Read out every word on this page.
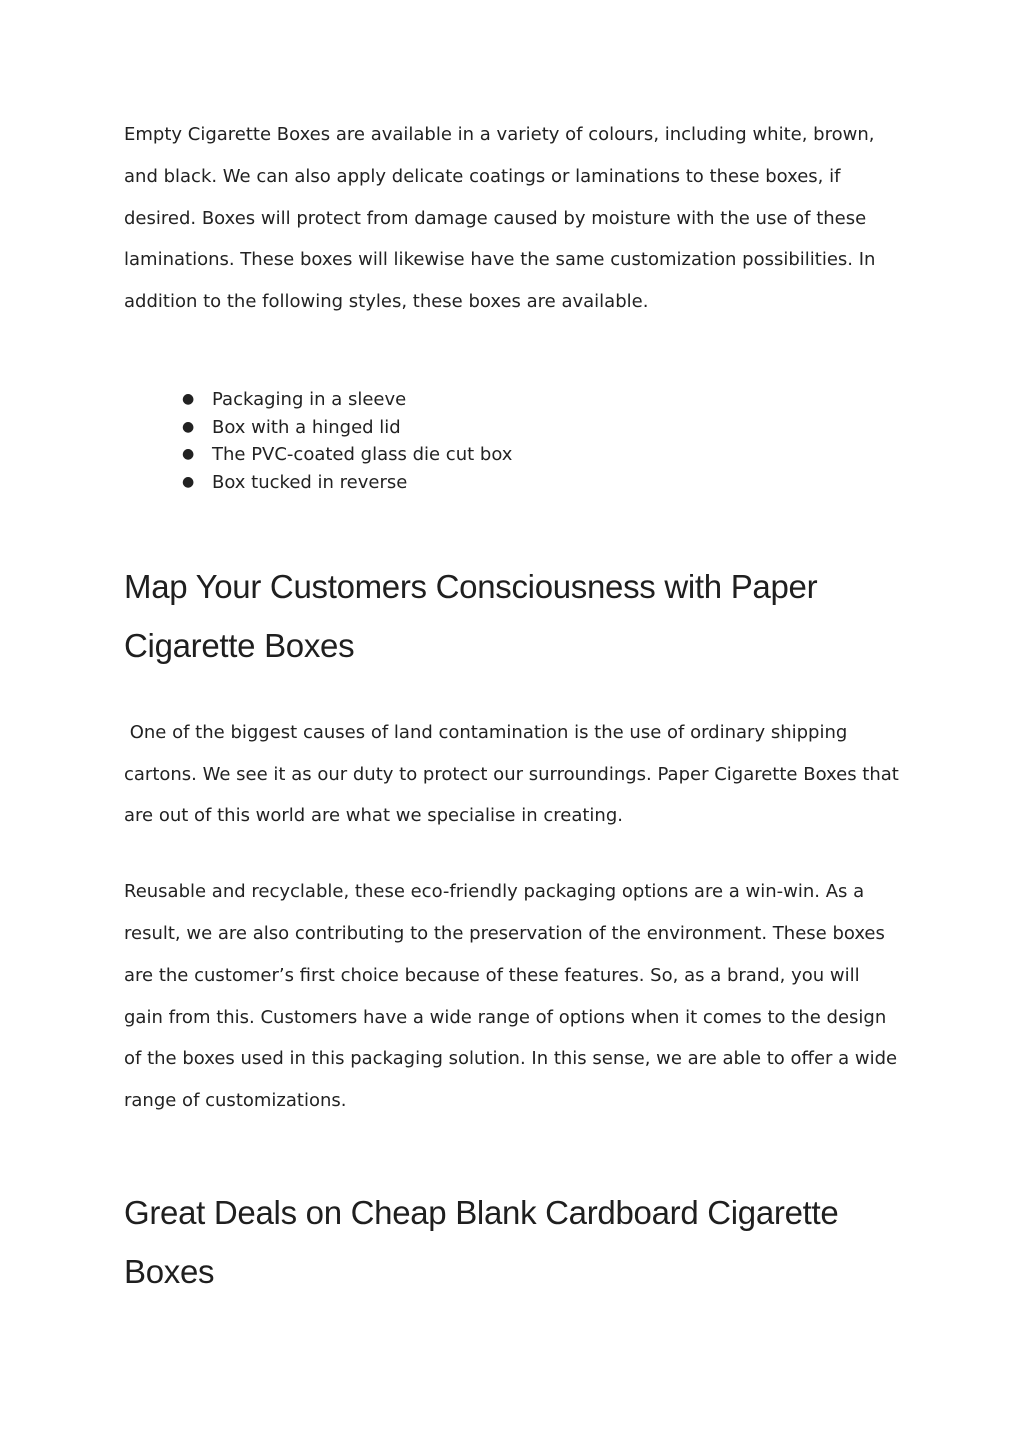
Empty Cigarette Boxes are available in a variety of colours, including white, brown, and black. We can also apply delicate coatings or laminations to these boxes, if desired. Boxes will protect from damage caused by moisture with the use of these laminations. These boxes will likewise have the same customization possibilities. In addition to the following styles, these boxes are available.

● Packaging in a sleeve
● Box with a hinged lid
● The PVC-coated glass die cut box
● Box tucked in reverse
Map Your Customers Consciousness with Paper Cigarette Boxes

One of the biggest causes of land contamination is the use of ordinary shipping cartons. We see it as our duty to protect our surroundings. Paper Cigarette Boxes that are out of this world are what we specialise in creating.

Reusable and recyclable, these eco-friendly packaging options are a win-win. As a result, we are also contributing to the preservation of the environment. These boxes are the customer’s first choice because of these features. So, as a brand, you will gain from this. Customers have a wide range of options when it comes to the design of the boxes used in this packaging solution. In this sense, we are able to offer a wide range of customizations.

Great Deals on Cheap Blank Cardboard Cigarette Boxes
